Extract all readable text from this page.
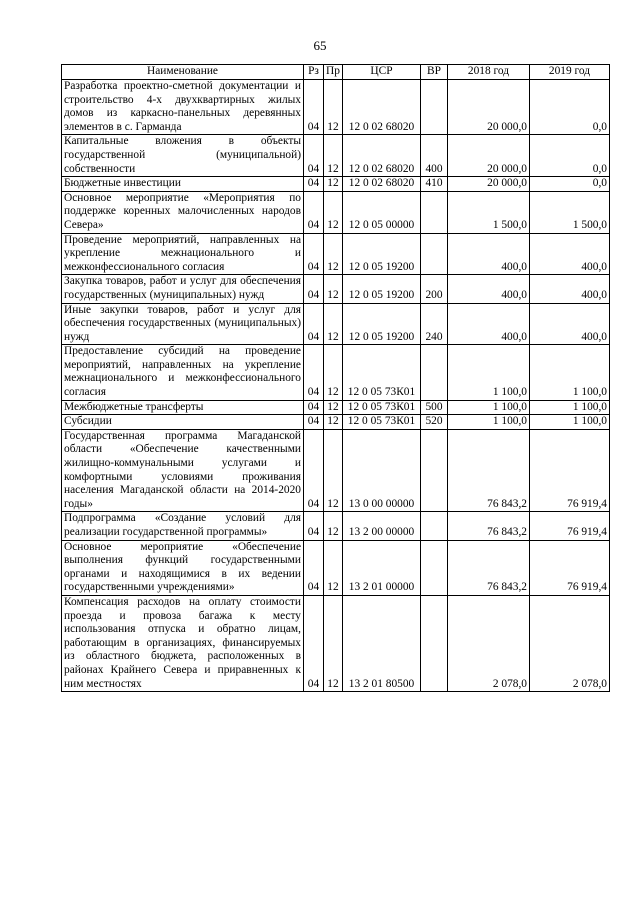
65
Наименование	Рз	Пр	ЦСР	ВР	2018 год	2019 год
Разработка проектно-сметной документации и строительство 4-х двухквартирных жилых домов из каркасно-панельных деревянных элементов в с. Гарманда	04	12	12 0 02 68020		20 000,0	0,0
Капитальные вложения в объекты государственной (муниципальной) собственности	04	12	12 0 02 68020	400	20 000,0	0,0
Бюджетные инвестиции	04	12	12 0 02 68020	410	20 000,0	0,0
Основное мероприятие «Мероприятия по поддержке коренных малочисленных народов Севера»	04	12	12 0 05 00000		1 500,0	1 500,0
Проведение мероприятий, направленных на укрепление межнационального и межконфессионального согласия	04	12	12 0 05 19200		400,0	400,0
Закупка товаров, работ и услуг для обеспечения государственных (муниципальных) нужд	04	12	12 0 05 19200	200	400,0	400,0
Иные закупки товаров, работ и услуг для обеспечения государственных (муниципальных) нужд	04	12	12 0 05 19200	240	400,0	400,0
Предоставление субсидий на проведение мероприятий, направленных на укрепление межнационального и межконфессионального согласия	04	12	12 0 05 73К01		1 100,0	1 100,0
Межбюджетные трансферты	04	12	12 0 05 73К01	500	1 100,0	1 100,0
Субсидии	04	12	12 0 05 73К01	520	1 100,0	1 100,0
Государственная программа Магаданской области «Обеспечение качественными жилищно-коммунальными услугами и комфортными условиями проживания населения Магаданской области на 2014-2020 годы»	04	12	13 0 00 00000		76 843,2	76 919,4
Подпрограмма «Создание условий для реализации государственной программы»	04	12	13 2 00 00000		76 843,2	76 919,4
Основное мероприятие «Обеспечение выполнения функций государственными органами и находящимися в их ведении государственными учреждениями»	04	12	13 2 01 00000		76 843,2	76 919,4
Компенсация расходов на оплату стоимости проезда и провоза багажа к месту использования отпуска и обратно лицам, работающим в организациях, финансируемых из областного бюджета, расположенных в районах Крайнего Севера и приравненных к ним местностях	04	12	13 2 01 80500		2 078,0	2 078,0
